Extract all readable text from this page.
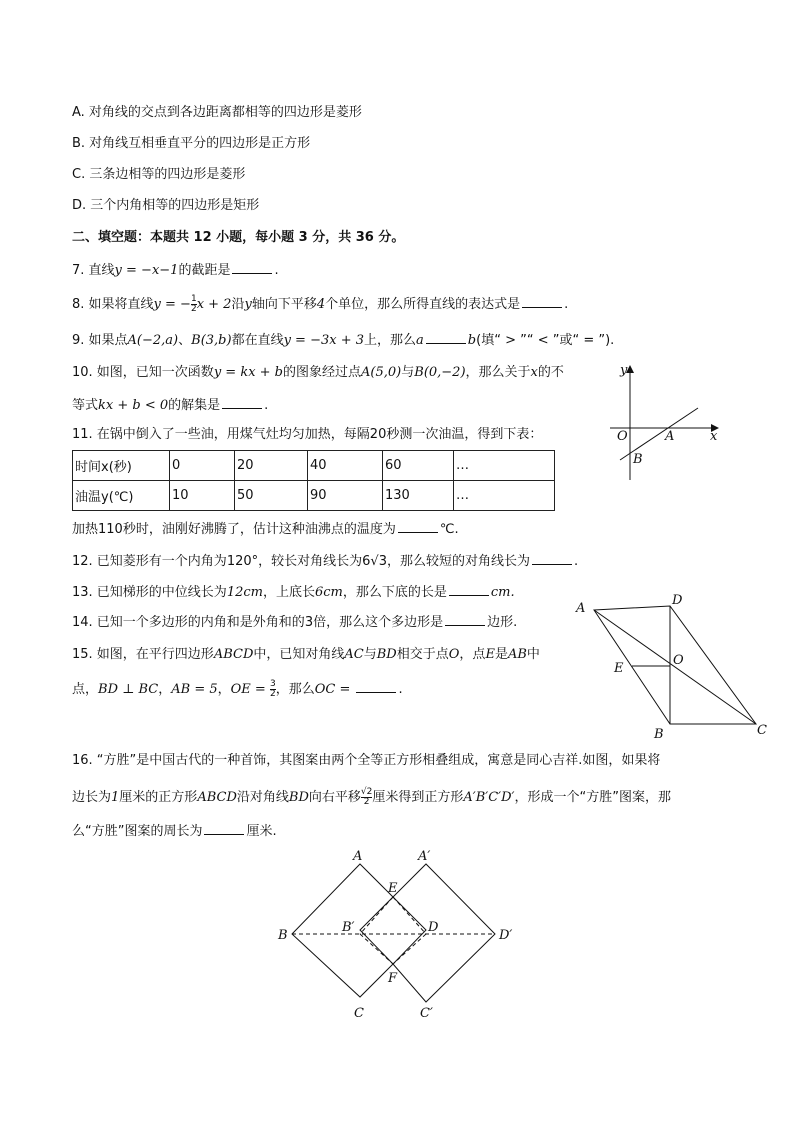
A. 对角线的交点到各边距离都相等的四边形是菱形
B. 对角线互相垂直平分的四边形是正方形
C. 三条边相等的四边形是菱形
D. 三个内角相等的四边形是矩形
二、填空题：本题共 12 小题，每小题 3 分，共 36 分。
7. 直线y = −x−1的截距是	.
8. 如果将直线y = − $\frac{1}{2}$ x + 2沿y轴向下平移4个单位，那么所得直线的表达式是	.
9. 如果点A(−2,a)、B(3,b)都在直线y = −3x + 3上，那么a	b(填“ > ”“ < ”或“ = ”).
10. 如图，已知一次函数y = kx + b的图象经过点A(5,0)与B(0,−2)，那么关于x的不
等式kx + b < 0的解集是	.
y
x
O	A
B
11. 在锅中倒入了一些油，用煤气灶均匀加热，每隔20秒测一次油温，得到下表：
时间x(秒)	0	20	40	60	…
油温y(℃)	10	50	90	130	…
加热110秒时，油刚好沸腾了，估计这种油沸点的温度为	℃.
12. 已知菱形有一个内角为120°，较长对角线长为6√3，那么较短的对角线长为	.
13. 已知梯形的中位线长为12cm，上底长6cm，那么下底的长是	cm.
14. 已知一个多边形的内角和是外角和的3倍，那么这个多边形是	边形.
15. 如图，在平行四边形ABCD中，已知对角线AC与BD相交于点O，点E是AB中
点，BD ⊥ BC，AB = 5，OE = $\frac{3}{2}$ ，那么OC =	.
A
D
E
O
B	C
16. “方胜”是中国古代的一种首饰，其图案由两个全等正方形相叠组成，寓意是同心吉祥.如图，如果将
边长为1厘米的正方形ABCD沿对角线BD向右平移 $\frac{√2}{2}$ 厘米得到正方形A′B′C′D′，形成一个“方胜”图案，那
么“方胜”图案的周长为	厘米.
A	A′
E
B
B′	D
D′
F
C	C′
